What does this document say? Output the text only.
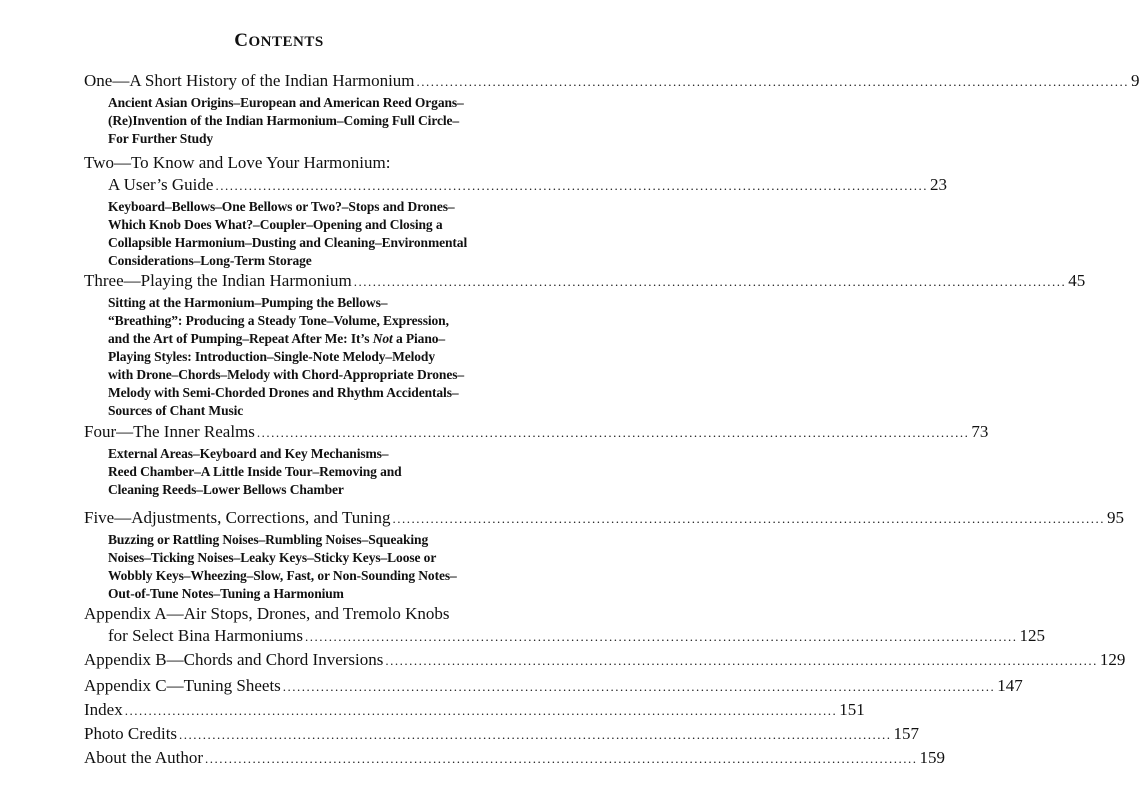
CONTENTS
One—A Short History of the Indian Harmonium ...................................................................................................................................................... 9
Ancient Asian Origins–European and American Reed Organs–
(Re)Invention of the Indian Harmonium–Coming Full Circle–
For Further Study
Two—To Know and Love Your Harmonium:
A User’s Guide ...................................................................................................................................................... 23
Keyboard–Bellows–One Bellows or Two?–Stops and Drones–
Which Knob Does What?–Coupler–Opening and Closing a
Collapsible Harmonium–Dusting and Cleaning–Environmental
Considerations–Long-Term Storage
Three—Playing the Indian Harmonium ...................................................................................................................................................... 45
Sitting at the Harmonium–Pumping the Bellows–
“Breathing”: Producing a Steady Tone–Volume, Expression,
and the Art of Pumping–Repeat After Me: It’s Not a Piano–
Playing Styles: Introduction–Single-Note Melody–Melody
with Drone–Chords–Melody with Chord-Appropriate Drones–
Melody with Semi-Chorded Drones and Rhythm Accidentals–
Sources of Chant Music
Four—The Inner Realms ...................................................................................................................................................... 73
External Areas–Keyboard and Key Mechanisms–
Reed Chamber–A Little Inside Tour–Removing and
Cleaning Reeds–Lower Bellows Chamber
Five—Adjustments, Corrections, and Tuning ...................................................................................................................................................... 95
Buzzing or Rattling Noises–Rumbling Noises–Squeaking
Noises–Ticking Noises–Leaky Keys–Sticky Keys–Loose or
Wobbly Keys–Wheezing–Slow, Fast, or Non-Sounding Notes–
Out-of-Tune Notes–Tuning a Harmonium
Appendix A—Air Stops, Drones, and Tremolo Knobs
for Select Bina Harmoniums ...................................................................................................................................................... 125
Appendix B—Chords and Chord Inversions ...................................................................................................................................................... 129
Appendix C—Tuning Sheets ...................................................................................................................................................... 147
Index ...................................................................................................................................................... 151
Photo Credits ...................................................................................................................................................... 157
About the Author ...................................................................................................................................................... 159
